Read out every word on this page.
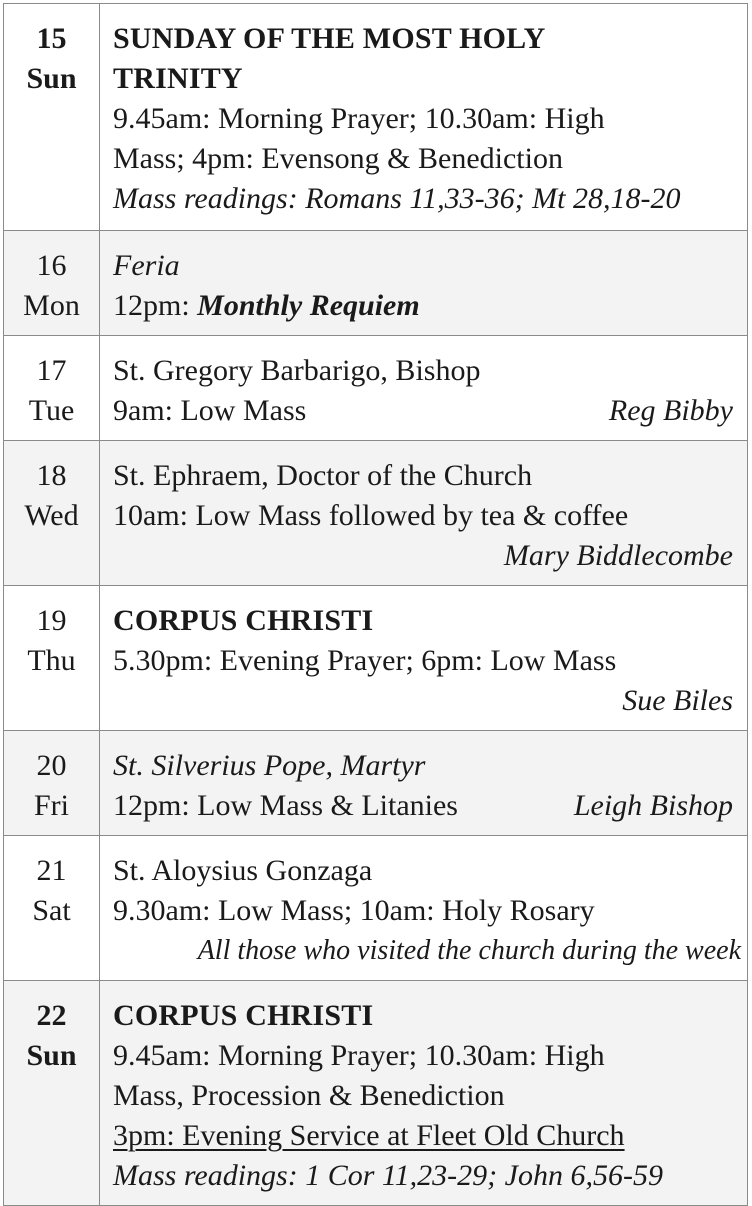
15
Sun
SUNDAY OF THE MOST HOLY
TRINITY
9.45am: Morning Prayer; 10.30am: High
Mass; 4pm: Evensong & Benediction
Mass readings: Romans 11,33-36; Mt 28,18-20
16
Mon
Feria
12pm: Monthly Requiem
17
Tue
St. Gregory Barbarigo, Bishop
9am: Low Mass	Reg Bibby
18
Wed
St. Ephraem, Doctor of the Church
10am: Low Mass followed by tea & coffee
Mary Biddlecombe
19
Thu
CORPUS CHRISTI
5.30pm: Evening Prayer; 6pm: Low Mass
Sue Biles
20
Fri
St. Silverius Pope, Martyr
12pm: Low Mass & Litanies	Leigh Bishop
21
Sat
St. Aloysius Gonzaga
9.30am: Low Mass; 10am: Holy Rosary
All those who visited the church during the week
22
Sun
CORPUS CHRISTI
9.45am: Morning Prayer; 10.30am: High
Mass, Procession & Benediction
3pm: Evening Service at Fleet Old Church
Mass readings: 1 Cor 11,23-29; John 6,56-59
